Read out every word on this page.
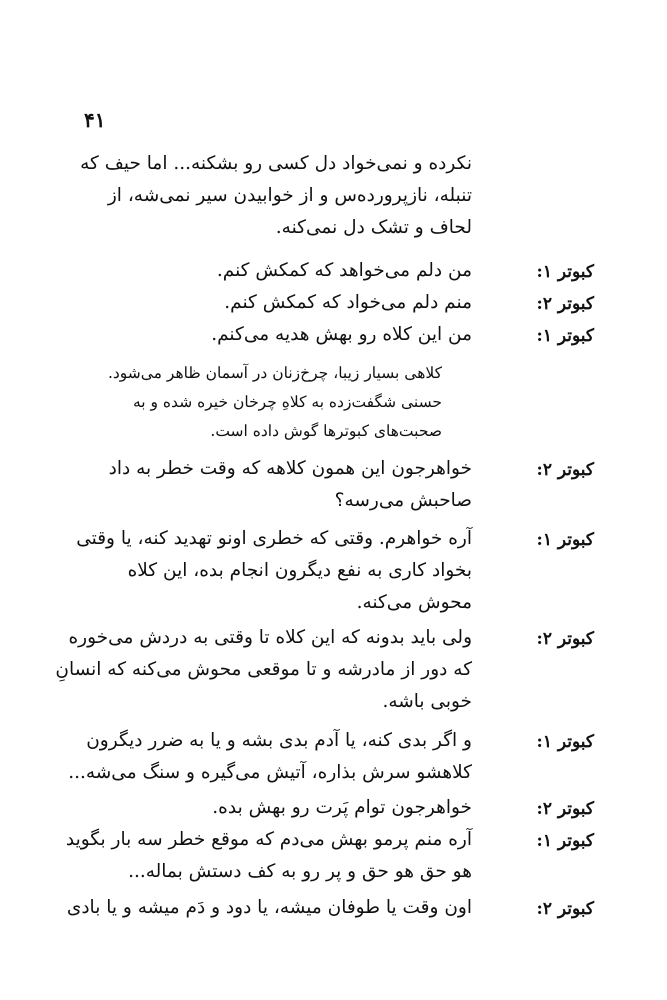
۴۱
نکرده و نمی‌خواد دل کسی رو بشکنه... اما حیف که
تنبله، نازپرورده‌س و از خوابیدن سیر نمی‌شه، از
لحاف و تشک دل نمی‌کنه.
کبوتر ۱:
من دلم می‌خواهد که کمکش کنم.
کبوتر ۲:
منم دلم می‌خواد که کمکش کنم.
کبوتر ۱:
من این کلاه رو بهش هدیه می‌کنم.
کلاهی بسیار زیبا، چرخ‌زنان در آسمان ظاهر می‌شود.
حسنی شگفت‌زده به کلاهِ چرخان خیره شده و به
صحبت‌های کبوترها گوش داده است.
کبوتر ۲:
خواهرجون این همون کلاهه که وقت خطر به داد
صاحبش می‌رسه؟
کبوتر ۱:
آره خواهرم. وقتی که خطری اونو تهدید کنه، یا وقتی
بخواد کاری به نفع دیگرون انجام بده، این کلاه
محوش می‌کنه.
کبوتر ۲:
ولی باید بدونه که این کلاه تا وقتی به دردش می‌خوره
که دور از مادرشه و تا موقعی محوش می‌کنه که انسانِ
خوبی باشه.
کبوتر ۱:
و اگر بدی کنه، یا آدم بدی بشه و یا به ضرر دیگرون
کلاهشو سرش بذاره، آتیش می‌گیره و سنگ می‌شه...
کبوتر ۲:
خواهرجون توام پَرت رو بهش بده.
کبوتر ۱:
آره منم پرمو بهش می‌دم که موقع خطر سه بار بگوید
هو حق هو حق و پر رو به کف دستش بماله...
کبوتر ۲:
اون وقت یا طوفان میشه، یا دود و دَم میشه و یا بادی
